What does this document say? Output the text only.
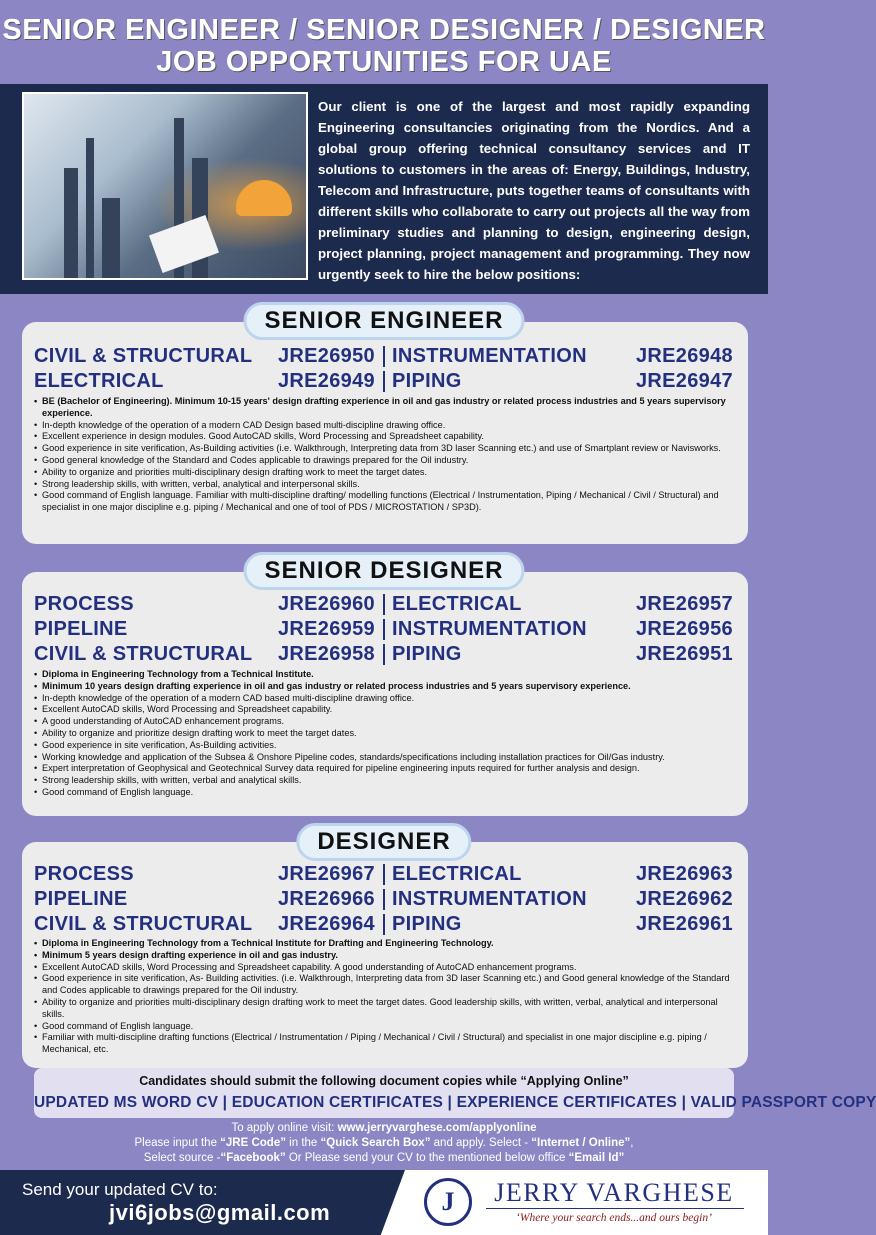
SENIOR ENGINEER / SENIOR DESIGNER / DESIGNER
JOB OPPORTUNITIES FOR UAE
Our client is one of the largest and most rapidly expanding Engineering consultancies originating from the Nordics. And a global group offering technical consultancy services and IT solutions to customers in the areas of: Energy, Buildings, Industry, Telecom and Infrastructure, puts together teams of consultants with different skills who collaborate to carry out projects all the way from preliminary studies and planning to design, engineering design, project planning, project management and programming. They now urgently seek to hire the below positions:
CIVIL & STRUCTURAL JRE26950 INSTRUMENTATION JRE26948
ELECTRICAL	JRE26949 PIPING	JRE26947
• BE (Bachelor of Engineering). Minimum 10-15 years' design drafting experience in oil and gas industry or related process industries and 5 years supervisory experience.
• In-depth knowledge of the operation of a modern CAD Design based multi-discipline drawing office.
• Excellent experience in design modules. Good AutoCAD skills, Word Processing and Spreadsheet capability.
• Good experience in site verification, As-Building activities (i.e. Walkthrough, Interpreting data from 3D laser Scanning etc.) and use of Smartplant review or Navisworks.
• Good general knowledge of the Standard and Codes applicable to drawings prepared for the Oil industry.
• Ability to organize and priorities multi-disciplinary design drafting work to meet the target dates.
• Strong leadership skills, with written, verbal, analytical and interpersonal skills.
• Good command of English language. Familiar with multi-discipline drafting/ modelling functions (Electrical / Instrumentation, Piping / Mechanical / Civil / Structural) and specialist in one major discipline e.g. piping / Mechanical and one of tool of PDS / MICROSTATION / SP3D).
SENIOR ENGINEER
PROCESS	JRE26960 ELECTRICAL	JRE26957
PIPELINE	JRE26959 INSTRUMENTATION JRE26956
CIVIL & STRUCTURAL JRE26958 PIPING	JRE26951
• Diploma in Engineering Technology from a Technical Institute.
• Minimum 10 years design drafting experience in oil and gas industry or related process industries and 5 years supervisory experience.
• In-depth knowledge of the operation of a modern CAD based multi-discipline drawing office.
• Excellent AutoCAD skills, Word Processing and Spreadsheet capability.
• A good understanding of AutoCAD enhancement programs.
• Ability to organize and prioritize design drafting work to meet the target dates.
• Good experience in site verification, As-Building activities.
• Working knowledge and application of the Subsea & Onshore Pipeline codes, standards/specifications including installation practices for Oil/Gas industry.
• Expert interpretation of Geophysical and Geotechnical Survey data required for pipeline engineering inputs required for further analysis and design.
• Strong leadership skills, with written, verbal and analytical skills.
• Good command of English language.
SENIOR DESIGNER
PROCESS	JRE26967 ELECTRICAL	JRE26963
PIPELINE	JRE26966 INSTRUMENTATION JRE26962
CIVIL & STRUCTURAL JRE26964 PIPING	JRE26961
• Diploma in Engineering Technology from a Technical Institute for Drafting and Engineering Technology.
• Minimum 5 years design drafting experience in oil and gas industry.
• Excellent AutoCAD skills, Word Processing and Spreadsheet capability. A good understanding of AutoCAD enhancement programs.
• Good experience in site verification, As- Building activities. (i.e. Walkthrough, Interpreting data from 3D laser Scanning etc.) and Good general knowledge of the Standard and Codes applicable to drawings prepared for the Oil industry.
• Ability to organize and priorities multi-disciplinary design drafting work to meet the target dates. Good leadership skills, with written, verbal, analytical and interpersonal skills.
• Good command of English language.
• Familiar with multi-discipline drafting functions (Electrical / Instrumentation / Piping / Mechanical / Civil / Structural) and specialist in one major discipline e.g. piping / Mechanical, etc.
DESIGNER
Candidates should submit the following document copies while “Applying Online”
UPDATED MS WORD CV | EDUCATION CERTIFICATES | EXPERIENCE CERTIFICATES | VALID PASSPORT COPY
To apply online visit: www.jerryvarghese.com/applyonline
Please input the “JRE Code” in the “Quick Search Box” and apply. Select - “Internet / Online”,
Select source -“Facebook” Or Please send your CV to the mentioned below office “Email Id”
Send your updated CV to:
jvi6jobs@gmail.com	J	JERRY VARGHESE
‘Where your search ends...and ours begin’
